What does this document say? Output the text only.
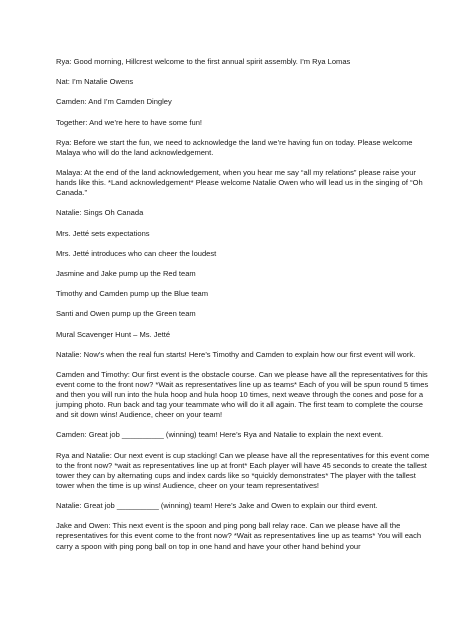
Rya: Good morning, Hillcrest welcome to the first annual spirit assembly. I’m Rya Lomas

Nat: I’m Natalie Owens

Camden: And I’m Camden Dingley

Together: And we’re here to have some fun!

Rya: Before we start the fun, we need to acknowledge the land we’re having fun on today. Please welcome Malaya who will do the land acknowledgement.

Malaya: At the end of the land acknowledgement, when you hear me say “all my relations” please raise your hands like this. *Land acknowledgement* Please welcome Natalie Owen who will lead us in the singing of “Oh Canada.”

Natalie: Sings Oh Canada

Mrs. Jetté sets expectations

Mrs. Jetté introduces who can cheer the loudest

Jasmine and Jake pump up the Red team

Timothy and Camden pump up the Blue team

Santi and Owen pump up the Green team

Mural Scavenger Hunt – Ms. Jetté

Natalie: Now’s when the real fun starts! Here’s Timothy and Camden to explain how our first event will work.

Camden and Timothy: Our first event is the obstacle course. Can we please have all the representatives for this event come to the front now? *Wait as representatives line up as teams* Each of you will be spun round 5 times and then you will run into the hula hoop and hula hoop 10 times, next weave through the cones and pose for a jumping photo. Run back and tag your teammate who will do it all again. The first team to complete the course and sit down wins! Audience, cheer on your team!

Camden: Great job __________ (winning) team! Here’s Rya and Natalie to explain the next event.

Rya and Natalie: Our next event is cup stacking! Can we please have all the representatives for this event come to the front now? *wait as representatives line up at front* Each player will have 45 seconds to create the tallest tower they can by alternating cups and index cards like so *quickly demonstrates* The player with the tallest tower when the time is up wins! Audience, cheer on your team representatives!

Natalie: Great job __________ (winning) team! Here’s Jake and Owen to explain our third event.

Jake and Owen: This next event is the spoon and ping pong ball relay race. Can we please have all the representatives for this event come to the front now? *Wait as representatives line up as teams* You will each carry a spoon with ping pong ball on top in one hand and have your other hand behind your
